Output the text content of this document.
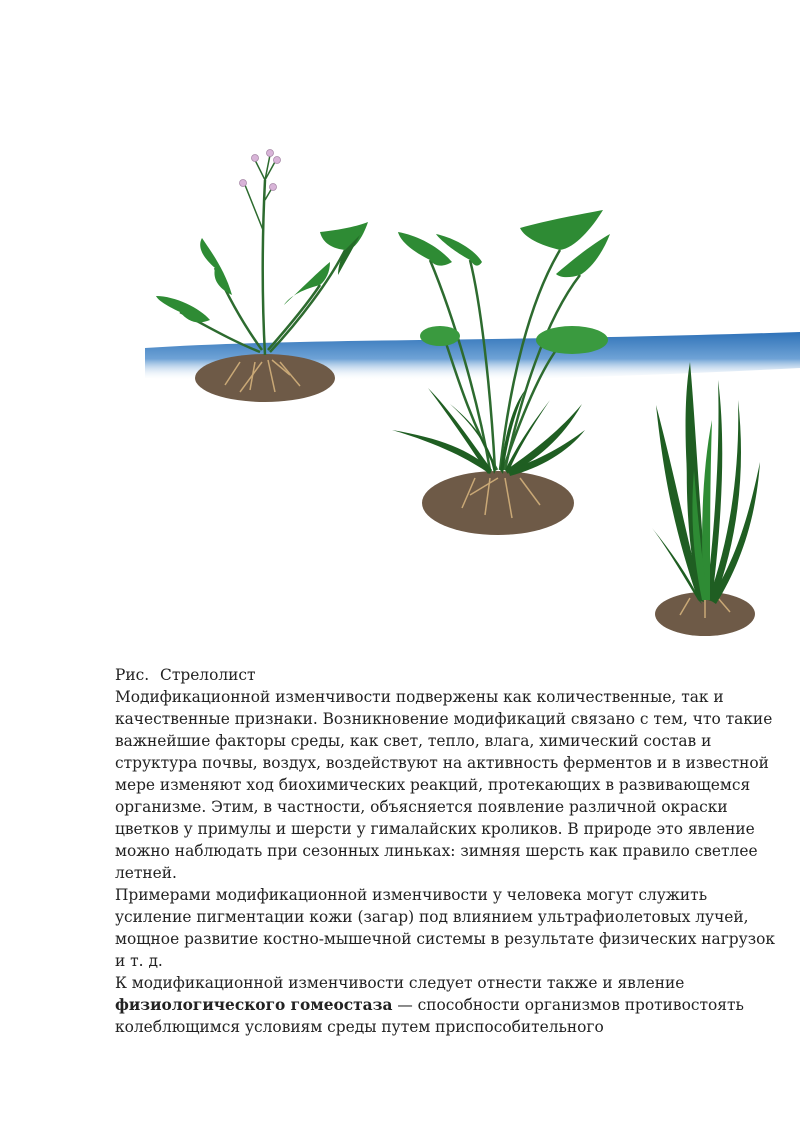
Рис. Стрелолист

Модификационной изменчивости подвержены как количественные, так и качественные признаки. Возникновение модификаций связано с тем, что такие важнейшие факторы среды, как свет, тепло, влага, химический состав и структура почвы, воздух, воздействуют на активность ферментов и в известной мере изменяют ход биохимических реакций, протекающих в развивающемся организме. Этим, в частности, объясняется появление различной окраски цветков у примулы и шерсти у гималайских кроликов. В природе это явление можно наблюдать при сезонных линьках: зимняя шерсть как правило светлее летней.

Примерами модификационной изменчивости у человека могут служить усиление пигментации кожи (загар) под влиянием ультрафиолетовых лучей, мощное развитие костно-мышечной системы в результате физических нагрузок и т. д.

К модификационной изменчивости следует отнести также и явление физиологического гомеостаза — способности организмов противостоять колеблющимся условиям среды путем приспособительного
